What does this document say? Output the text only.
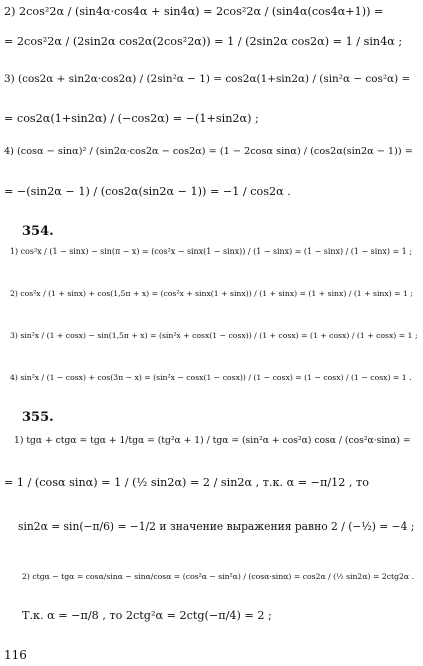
354.
355.
2) 2cos²2α / (sin4α·cos4α + sin4α) = 2cos²2α / (sin4α(cos4α+1)) =
= 2cos²2α / (2sin2α cos2α(2cos²2α)) = 1 / (2sin2α cos2α) = 1 / sin4α ;
3) (cos2α + sin2α·cos2α) / (2sin²α − 1) = cos2α(1+sin2α) / (sin²α − cos²α) =
= cos2α(1+sin2α) / (−cos2α) = −(1+sin2α) ;
4) (cosα − sinα)² / (sin2α·cos2α − cos2α) = (1 − 2cosα sinα) / (cos2α(sin2α − 1)) =
= −(sin2α − 1) / (cos2α(sin2α − 1)) = −1 / cos2α .
1) cos²x / (1 − sinx) − sin(π − x) = (cos²x − sinx(1 − sinx)) / (1 − sinx) = (1 − sinx) / (1 − sinx) = 1 ;
2) cos²x / (1 + sinx) + cos(1,5π + x) = (cos²x + sinx(1 + sinx)) / (1 + sinx) = (1 + sinx) / (1 + sinx) = 1 ;
3) sin²x / (1 + cosx) − sin(1,5π + x) = (sin²x + cosx(1 − cosx)) / (1 + cosx) = (1 + cosx) / (1 + cosx) = 1 ;
4) sin²x / (1 − cosx) + cos(3π − x) = (sin²x − cosx(1 − cosx)) / (1 − cosx) = (1 − cosx) / (1 − cosx) = 1 .
1) tgα + ctgα = tgα + 1/tgα = (tg²α + 1) / tgα = (sin²α + cos²α) cosα / (cos²α·sinα) =
= 1 / (cosα sinα) = 1 / (½ sin2α) = 2 / sin2α , т.к. α = −π/12 , то
sin2α = sin(−π/6) = −1/2 и значение выражения равно 2 / (−½) = −4 ;
2) ctgα − tgα = cosα/sinα − sinα/cosα = (cos²α − sin²α) / (cosα·sinα) = cos2α / (½ sin2α) = 2ctg2α .
Т.к. α = −π/8 , то 2ctg²α = 2ctg(−π/4) = 2 ;
116
